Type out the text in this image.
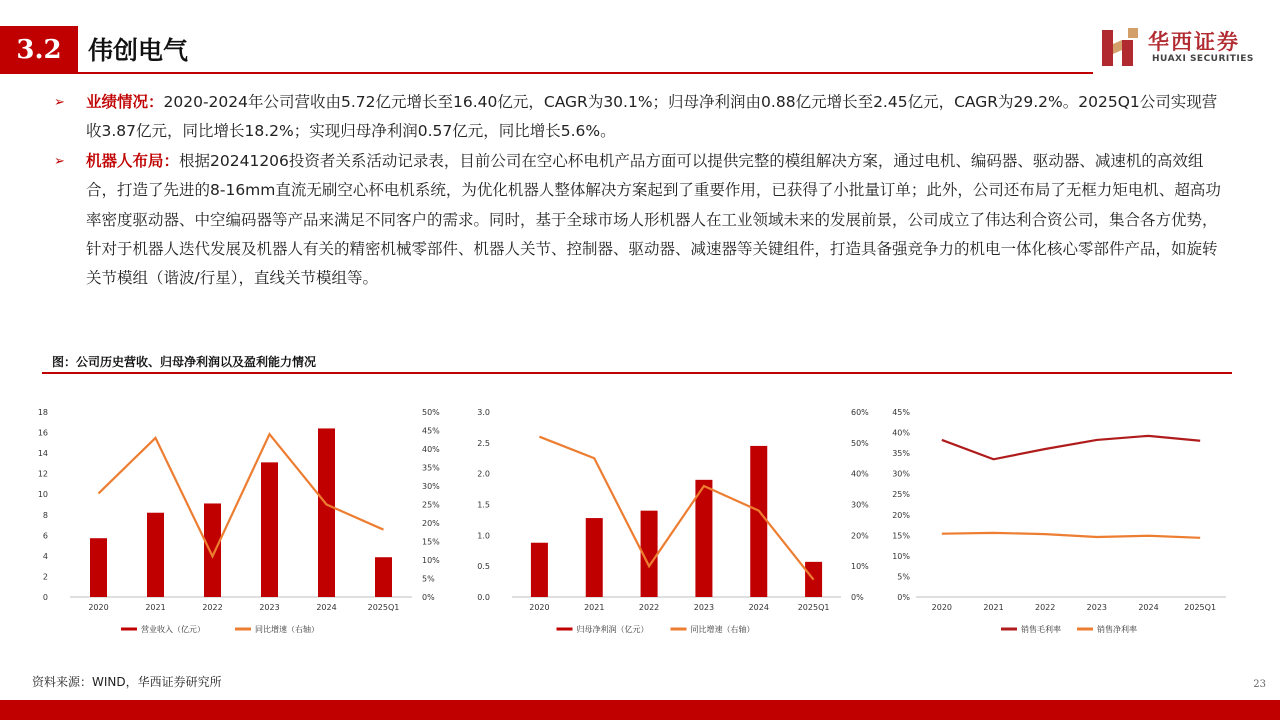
3.2	伟创电气	华西证券
HUAXI SECURITIES
➢ 业绩情况：2020-2024年公司营收由5.72亿元增长至16.40亿元，CAGR为30.1%；归母净利润由0.88亿元增长至2.45亿元，CAGR为29.2%。2025Q1公司实现营收3.87亿元，同比增长18.2%；实现归母净利润0.57亿元，同比增长5.6%。
➢ 机器人布局：根据20241206投资者关系活动记录表，目前公司在空心杯电机产品方面可以提供完整的模组解决方案，通过电机、编码器、驱动器、减速机的高效组合，打造了先进的8-16mm直流无刷空心杯电机系统，为优化机器人整体解决方案起到了重要作用，已获得了小批量订单；此外，公司还布局了无框力矩电机、超高功率密度驱动器、中空编码器等产品来满足不同客户的需求。同时，基于全球市场人形机器人在工业领域未来的发展前景，公司成立了伟达利合资公司，集合各方优势，针对于机器人迭代发展及机器人有关的精密机械零部件、机器人关节、控制器、驱动器、减速器等关键组件，打造具备强竞争力的机电一体化核心零部件产品，如旋转关节模组（谐波/行星），直线关节模组等。
图：公司历史营收、归母净利润以及盈利能力情况
0
2
4
6
8
10
12
14
16
18
0%
5%
10%
15%
20%
25%
30%
35%
40%
45%
50%
2020	2021	2022	2023	2024	2025Q1
营业收入（亿元）	同比增速（右轴）
0.0
0.5
1.0
1.5
2.0
2.5
3.0
0%
10%
20%
30%
40%
50%
60%
2020	2021	2022	2023	2024	2025Q1
归母净利润（亿元）	同比增速（右轴）
0%
5%
10%
15%
20%
25%
30%
35%
40%
45%
2020	2021	2022	2023	2024	2025Q1
销售毛利率	销售净利率
资料来源：WIND，华西证券研究所	23
